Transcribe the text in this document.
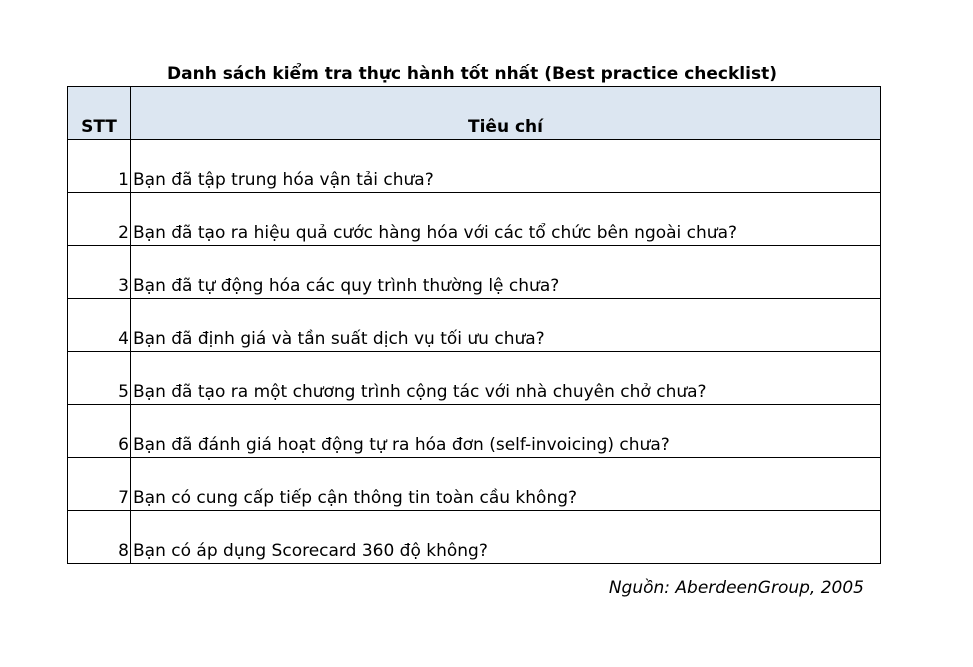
Danh sách kiểm tra thực hành tốt nhất (Best practice checklist)
STT	Tiêu chí
1	Bạn đã tập trung hóa vận tải chưa?
2	Bạn đã tạo ra hiệu quả cước hàng hóa với các tổ chức bên ngoài chưa?
3	Bạn đã tự động hóa các quy trình thường lệ chưa?
4	Bạn đã định giá và tần suất dịch vụ tối ưu chưa?
5	Bạn đã tạo ra một chương trình cộng tác với nhà chuyên chở chưa?
6	Bạn đã đánh giá hoạt động tự ra hóa đơn (self-invoicing) chưa?
7	Bạn có cung cấp tiếp cận thông tin toàn cầu không?
8	Bạn có áp dụng Scorecard 360 độ không?
Nguồn: AberdeenGroup, 2005
